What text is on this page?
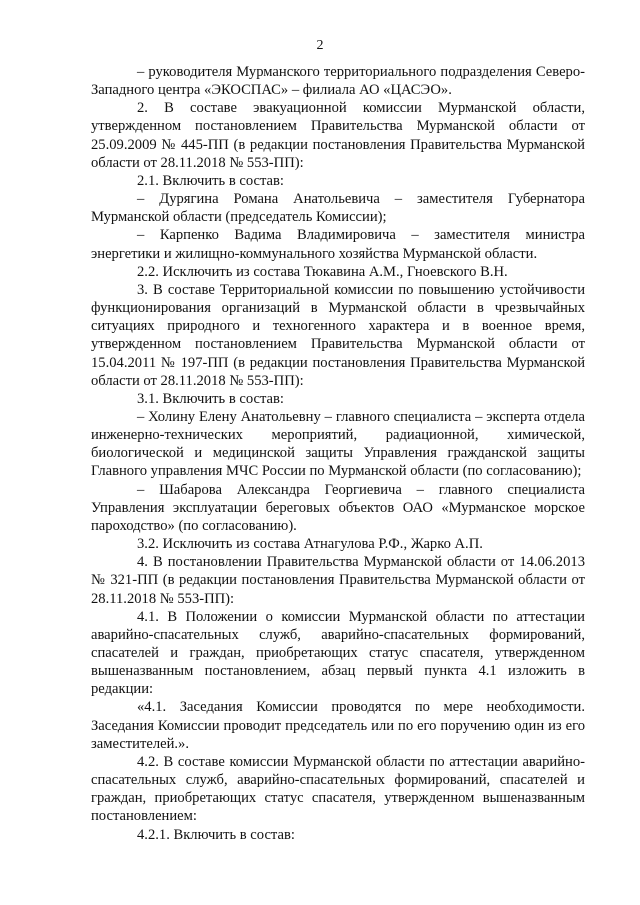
2

– руководителя Мурманского территориального подразделения Северо-Западного центра «ЭКОСПАС» – филиала АО «ЦАСЭО».

2. В составе эвакуационной комиссии Мурманской области, утвержденном постановлением Правительства Мурманской области от 25.09.2009 № 445-ПП (в редакции постановления Правительства Мурманской области от 28.11.2018 № 553-ПП):

2.1. Включить в состав:

– Дурягина Романа Анатольевича – заместителя Губернатора Мурманской области (председатель Комиссии);

– Карпенко Вадима Владимировича – заместителя министра энергетики и жилищно-коммунального хозяйства Мурманской области.

2.2. Исключить из состава Тюкавина А.М., Гноевского В.Н.

3. В составе Территориальной комиссии по повышению устойчивости функционирования организаций в Мурманской области в чрезвычайных ситуациях природного и техногенного характера и в военное время, утвержденном постановлением Правительства Мурманской области от 15.04.2011 № 197-ПП (в редакции постановления Правительства Мурманской области от 28.11.2018 № 553-ПП):

3.1. Включить в состав:

– Холину Елену Анатольевну – главного специалиста – эксперта отдела инженерно-технических мероприятий, радиационной, химической, биологической и медицинской защиты Управления гражданской защиты Главного управления МЧС России по Мурманской области (по согласованию);

– Шабарова Александра Георгиевича – главного специалиста Управления эксплуатации береговых объектов ОАО «Мурманское морское пароходство» (по согласованию).

3.2. Исключить из состава Атнагулова Р.Ф., Жарко А.П.

4. В постановлении Правительства Мурманской области от 14.06.2013 № 321-ПП (в редакции постановления Правительства Мурманской области от 28.11.2018 № 553-ПП):

4.1. В Положении о комиссии Мурманской области по аттестации аварийно-спасательных служб, аварийно-спасательных формирований, спасателей и граждан, приобретающих статус спасателя, утвержденном вышеназванным постановлением, абзац первый пункта 4.1 изложить в редакции:

«4.1. Заседания Комиссии проводятся по мере необходимости. Заседания Комиссии проводит председатель или по его поручению один из его заместителей.».

4.2. В составе комиссии Мурманской области по аттестации аварийно-спасательных служб, аварийно-спасательных формирований, спасателей и граждан, приобретающих статус спасателя, утвержденном вышеназванным постановлением:

4.2.1. Включить в состав:
